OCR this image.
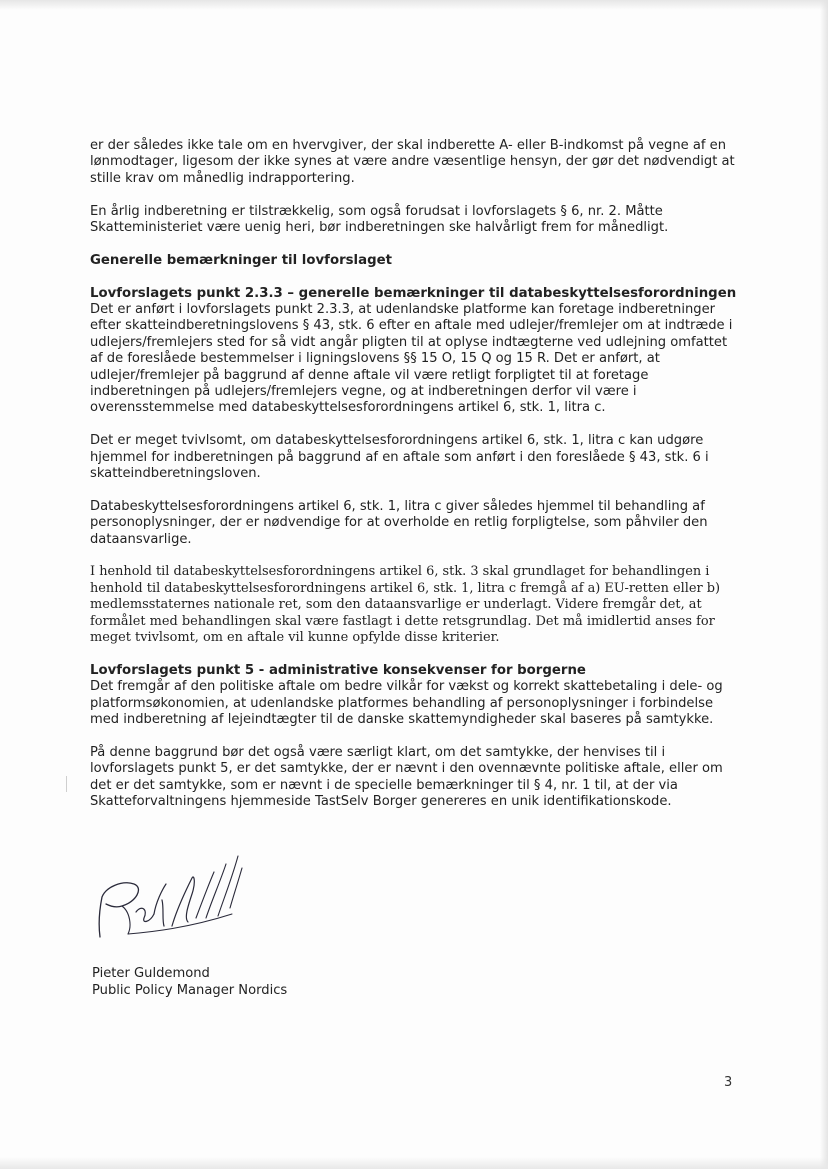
er der således ikke tale om en hvervgiver, der skal indberette A- eller B-indkomst på vegne af en lønmodtager, ligesom der ikke synes at være andre væsentlige hensyn, der gør det nødvendigt at stille krav om månedlig indrapportering.

En årlig indberetning er tilstrækkelig, som også forudsat i lovforslagets § 6, nr. 2. Måtte Skatteministeriet være uenig heri, bør indberetningen ske halvårligt frem for månedligt.

Generelle bemærkninger til lovforslaget

Lovforslagets punkt 2.3.3 – generelle bemærkninger til databeskyttelsesforordningen

Det er anført i lovforslagets punkt 2.3.3, at udenlandske platforme kan foretage indberetninger efter skatteindberetningslovens § 43, stk. 6 efter en aftale med udlejer/fremlejer om at indtræde i udlejers/fremlejers sted for så vidt angår pligten til at oplyse indtægterne ved udlejning omfattet af de foreslåede bestemmelser i ligningslovens §§ 15 O, 15 Q og 15 R. Det er anført, at udlejer/fremlejer på baggrund af denne aftale vil være retligt forpligtet til at foretage indberetningen på udlejers/fremlejers vegne, og at indberetningen derfor vil være i overensstemmelse med databeskyttelsesforordningens artikel 6, stk. 1, litra c.

Det er meget tvivlsomt, om databeskyttelsesforordningens artikel 6, stk. 1, litra c kan udgøre hjemmel for indberetningen på baggrund af en aftale som anført i den foreslåede § 43, stk. 6 i skatteindberetningsloven.

Databeskyttelsesforordningens artikel 6, stk. 1, litra c giver således hjemmel til behandling af personoplysninger, der er nødvendige for at overholde en retlig forpligtelse, som påhviler den dataansvarlige.

I henhold til databeskyttelsesforordningens artikel 6, stk. 3 skal grundlaget for behandlingen i henhold til databeskyttelsesforordningens artikel 6, stk. 1, litra c fremgå af a) EU-retten eller b) medlemsstaternes nationale ret, som den dataansvarlige er underlagt. Videre fremgår det, at formålet med behandlingen skal være fastlagt i dette retsgrundlag. Det må imidlertid anses for meget tvivlsomt, om en aftale vil kunne opfylde disse kriterier.

Lovforslagets punkt 5 - administrative konsekvenser for borgerne

Det fremgår af den politiske aftale om bedre vilkår for vækst og korrekt skattebetaling i dele- og platformsøkonomien, at udenlandske platformes behandling af personoplysninger i forbindelse med indberetning af lejeindtægter til de danske skattemyndigheder skal baseres på samtykke.

På denne baggrund bør det også være særligt klart, om det samtykke, der henvises til i lovforslagets punkt 5, er det samtykke, der er nævnt i den ovennævnte politiske aftale, eller om det er det samtykke, som er nævnt i de specielle bemærkninger til § 4, nr. 1 til, at der via Skatteforvaltningens hjemmeside TastSelv Borger genereres en unik identifikationskode.

Pieter Guldemond
Public Policy Manager Nordics
3
